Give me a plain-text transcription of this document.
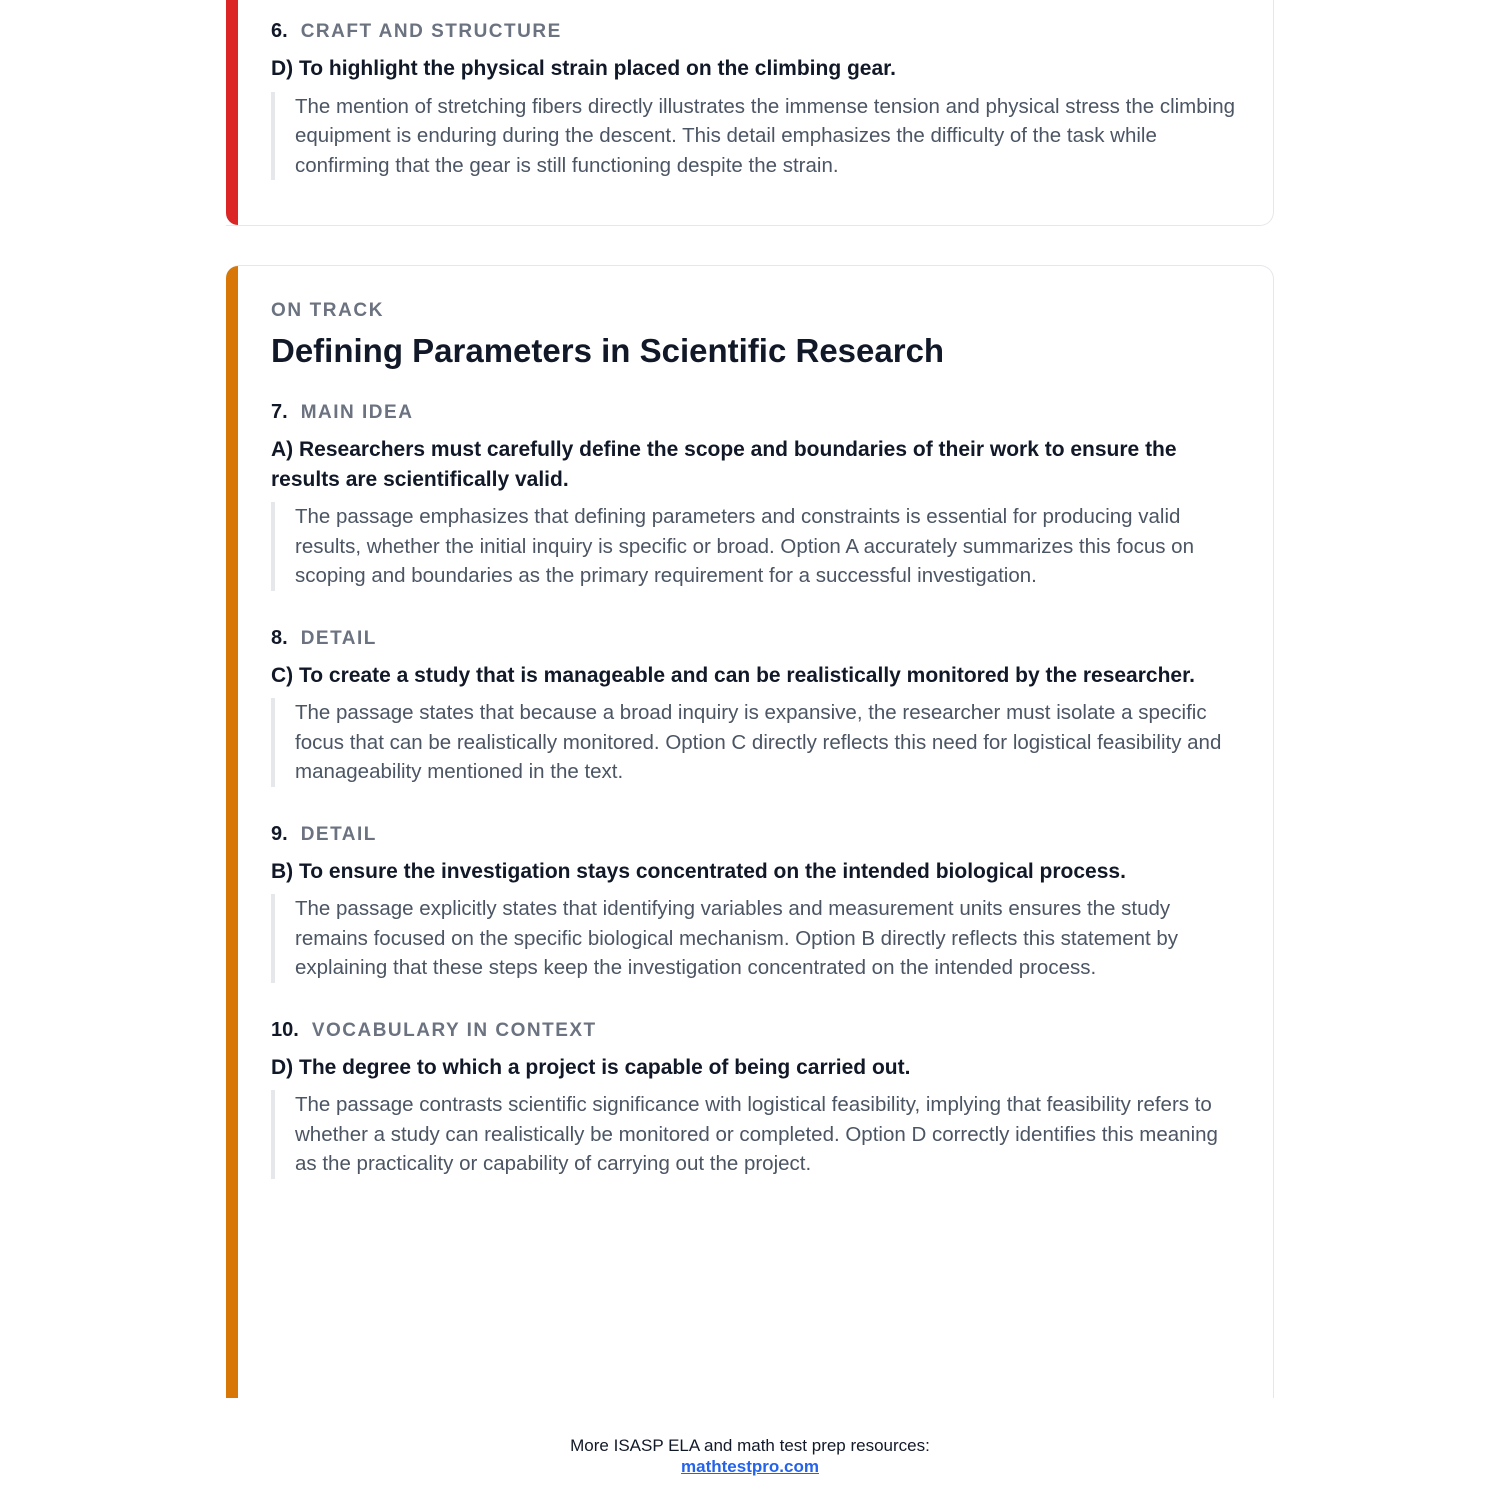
6. CRAFT AND STRUCTURE
D) To highlight the physical strain placed on the climbing gear.
The mention of stretching fibers directly illustrates the immense tension and physical stress the climbing equipment is enduring during the descent. This detail emphasizes the difficulty of the task while confirming that the gear is still functioning despite the strain.
ON TRACK
Defining Parameters in Scientific Research
7. MAIN IDEA
A) Researchers must carefully define the scope and boundaries of their work to ensure the results are scientifically valid.
The passage emphasizes that defining parameters and constraints is essential for producing valid results, whether the initial inquiry is specific or broad. Option A accurately summarizes this focus on scoping and boundaries as the primary requirement for a successful investigation.
8. DETAIL
C) To create a study that is manageable and can be realistically monitored by the researcher.
The passage states that because a broad inquiry is expansive, the researcher must isolate a specific focus that can be realistically monitored. Option C directly reflects this need for logistical feasibility and manageability mentioned in the text.
9. DETAIL
B) To ensure the investigation stays concentrated on the intended biological process.
The passage explicitly states that identifying variables and measurement units ensures the study remains focused on the specific biological mechanism. Option B directly reflects this statement by explaining that these steps keep the investigation concentrated on the intended process.
10. VOCABULARY IN CONTEXT
D) The degree to which a project is capable of being carried out.
The passage contrasts scientific significance with logistical feasibility, implying that feasibility refers to whether a study can realistically be monitored or completed. Option D correctly identifies this meaning as the practicality or capability of carrying out the project.
More ISASP ELA and math test prep resources:
mathtestpro.com
